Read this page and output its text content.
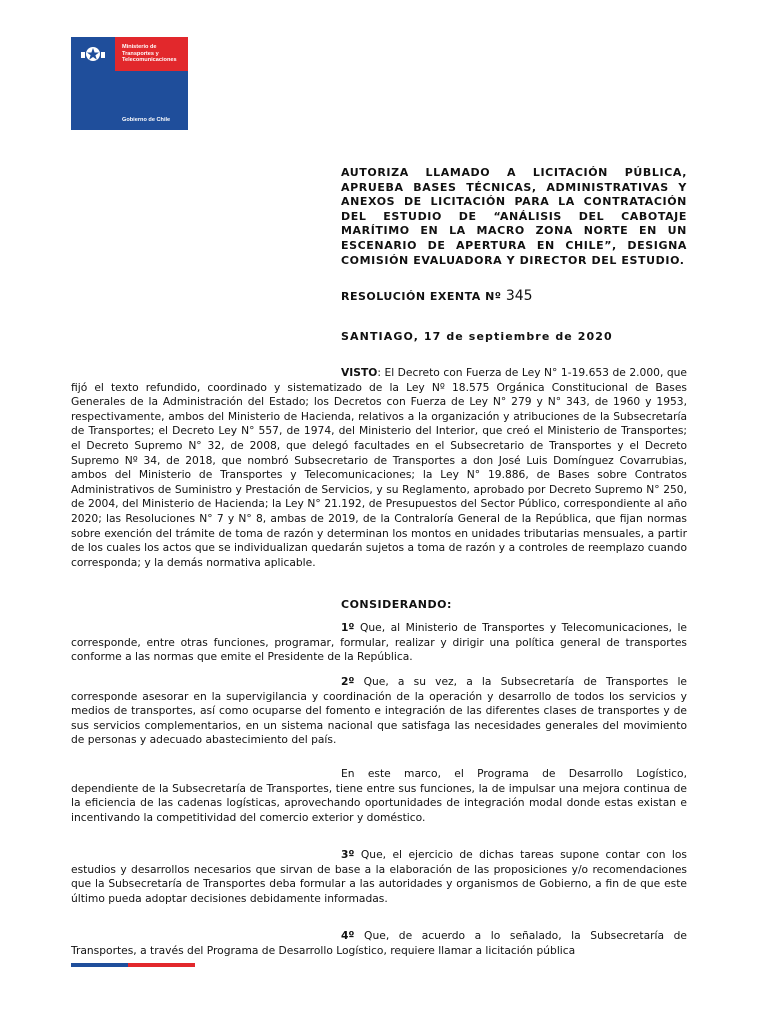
Ministerio de
Transportes y
Telecomunicaciones
Gobierno de Chile
AUTORIZA LLAMADO A LICITACIÓN PÚBLICA, APRUEBA BASES TÉCNICAS, ADMINISTRATIVAS Y ANEXOS DE LICITACIÓN PARA LA CONTRATACIÓN DEL ESTUDIO DE “ANÁLISIS DEL CABOTAJE MARÍTIMO EN LA MACRO ZONA NORTE EN UN ESCENARIO DE APERTURA EN CHILE”, DESIGNA COMISIÓN EVALUADORA Y DIRECTOR DEL ESTUDIO.
RESOLUCIÓN EXENTA Nº 345
SANTIAGO, 17 de septiembre de 2020
VISTO: El Decreto con Fuerza de Ley N° 1-19.653 de 2.000, que fijó el texto refundido, coordinado y sistematizado de la Ley Nº 18.575 Orgánica Constitucional de Bases Generales de la Administración del Estado; los Decretos con Fuerza de Ley N° 279 y N° 343, de 1960 y 1953, respectivamente, ambos del Ministerio de Hacienda, relativos a la organización y atribuciones de la Subsecretaría de Transportes; el Decreto Ley N° 557, de 1974, del Ministerio del Interior, que creó el Ministerio de Transportes; el Decreto Supremo N° 32, de 2008, que delegó facultades en el Subsecretario de Transportes y el Decreto Supremo Nº 34, de 2018, que nombró Subsecretario de Transportes a don José Luis Domínguez Covarrubias, ambos del Ministerio de Transportes y Telecomunicaciones; la Ley N° 19.886, de Bases sobre Contratos Administrativos de Suministro y Prestación de Servicios, y su Reglamento, aprobado por Decreto Supremo N° 250, de 2004, del Ministerio de Hacienda; la Ley N° 21.192, de Presupuestos del Sector Público, correspondiente al año 2020; las Resoluciones N° 7 y N° 8, ambas de 2019, de la Contraloría General de la República, que fijan normas sobre exención del trámite de toma de razón y determinan los montos en unidades tributarias mensuales, a partir de los cuales los actos que se individualizan quedarán sujetos a toma de razón y a controles de reemplazo cuando corresponda; y la demás normativa aplicable.
CONSIDERANDO:
1º Que, al Ministerio de Transportes y Telecomunicaciones, le corresponde, entre otras funciones, programar, formular, realizar y dirigir una política general de transportes conforme a las normas que emite el Presidente de la República.
2º Que, a su vez, a la Subsecretaría de Transportes le corresponde asesorar en la supervigilancia y coordinación de la operación y desarrollo de todos los servicios y medios de transportes, así como ocuparse del fomento e integración de las diferentes clases de transportes y de sus servicios complementarios, en un sistema nacional que satisfaga las necesidades generales del movimiento de personas y adecuado abastecimiento del país.
En este marco, el Programa de Desarrollo Logístico, dependiente de la Subsecretaría de Transportes, tiene entre sus funciones, la de impulsar una mejora continua de la eficiencia de las cadenas logísticas, aprovechando oportunidades de integración modal donde estas existan e incentivando la competitividad del comercio exterior y doméstico.
3º Que, el ejercicio de dichas tareas supone contar con los estudios y desarrollos necesarios que sirvan de base a la elaboración de las proposiciones y/o recomendaciones que la Subsecretaría de Transportes deba formular a las autoridades y organismos de Gobierno, a fin de que este último pueda adoptar decisiones debidamente informadas.
4º Que, de acuerdo a lo señalado, la Subsecretaría de Transportes, a través del Programa de Desarrollo Logístico, requiere llamar a licitación pública
